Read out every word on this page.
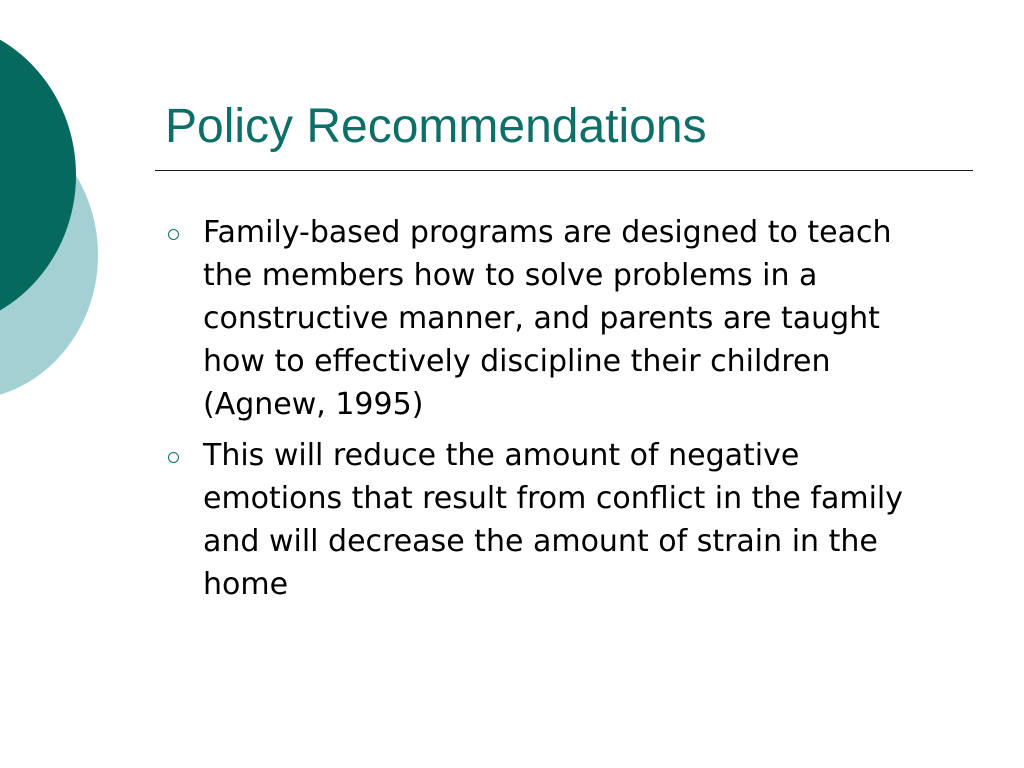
Policy Recommendations
Family-based programs are designed to teach the members how to solve problems in a constructive manner, and parents are taught how to effectively discipline their children (Agnew, 1995)
This will reduce the amount of negative emotions that result from conflict in the family and will decrease the amount of strain in the home
